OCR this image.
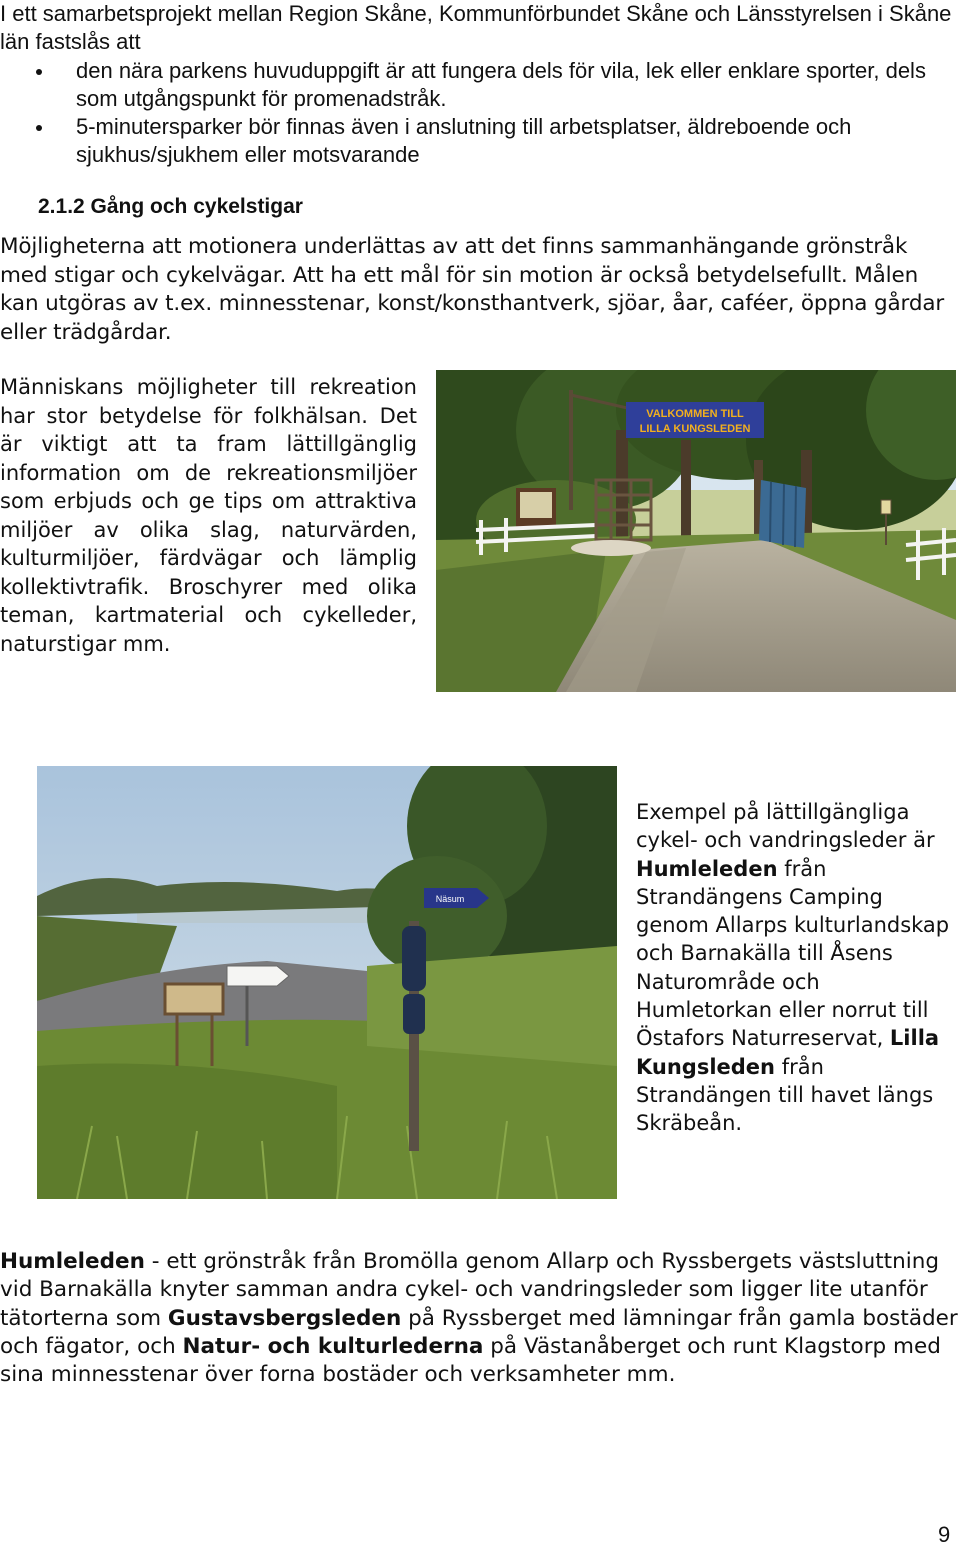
I ett samarbetsprojekt mellan Region Skåne, Kommunförbundet Skåne och Länsstyrelsen i Skåne län fastslås att
den nära parkens huvuduppgift är att fungera dels för vila, lek eller enklare sporter, dels som utgångspunkt för promenadstråk.
5-minutersparker bör finnas även i anslutning till arbetsplatser, äldreboende och sjukhus/sjukhem eller motsvarande
2.1.2 Gång och cykelstigar
Möjligheterna att motionera underlättas av att det finns sammanhängande grönstråk med stigar och cykelvägar. Att ha ett mål för sin motion är också betydelsefullt. Målen kan utgöras av t.ex. minnesstenar, konst/konsthantverk, sjöar, åar, caféer, öppna gårdar eller trädgårdar.
Människans möjligheter till rekreation har stor betydelse för folkhälsan. Det är viktigt att ta fram lättillgänglig information om de rekreationsmiljöer som erbjuds och ge tips om attraktiva miljöer av olika slag, naturvärden, kulturmiljöer, färdvägar och lämplig kollektivtrafik. Broschyrer med olika teman, kartmaterial och cykelleder, naturstigar mm.
VALKOMMEN TILL
LILLA KUNGSLEDEN
Exempel på lättillgängliga cykel- och vandringsleder är Humleleden från Strandängens Camping genom Allarps kulturlandskap och Barnakälla till Åsens Naturområde och Humletorkan eller norrut till Östafors Naturreservat, Lilla Kungsleden från Strandängen till havet längs Skräbeån.
Näsum
Humleleden - ett grönstråk från Bromölla genom Allarp och Ryssbergets västsluttning vid Barnakälla knyter samman andra cykel- och vandringsleder som ligger lite utanför tätorterna som Gustavsbergsleden på Ryssberget med lämningar från gamla bostäder och fägator, och Natur- och kulturlederna på Västanåberget och runt Klagstorp med sina minnesstenar över forna bostäder och verksamheter mm.
9
